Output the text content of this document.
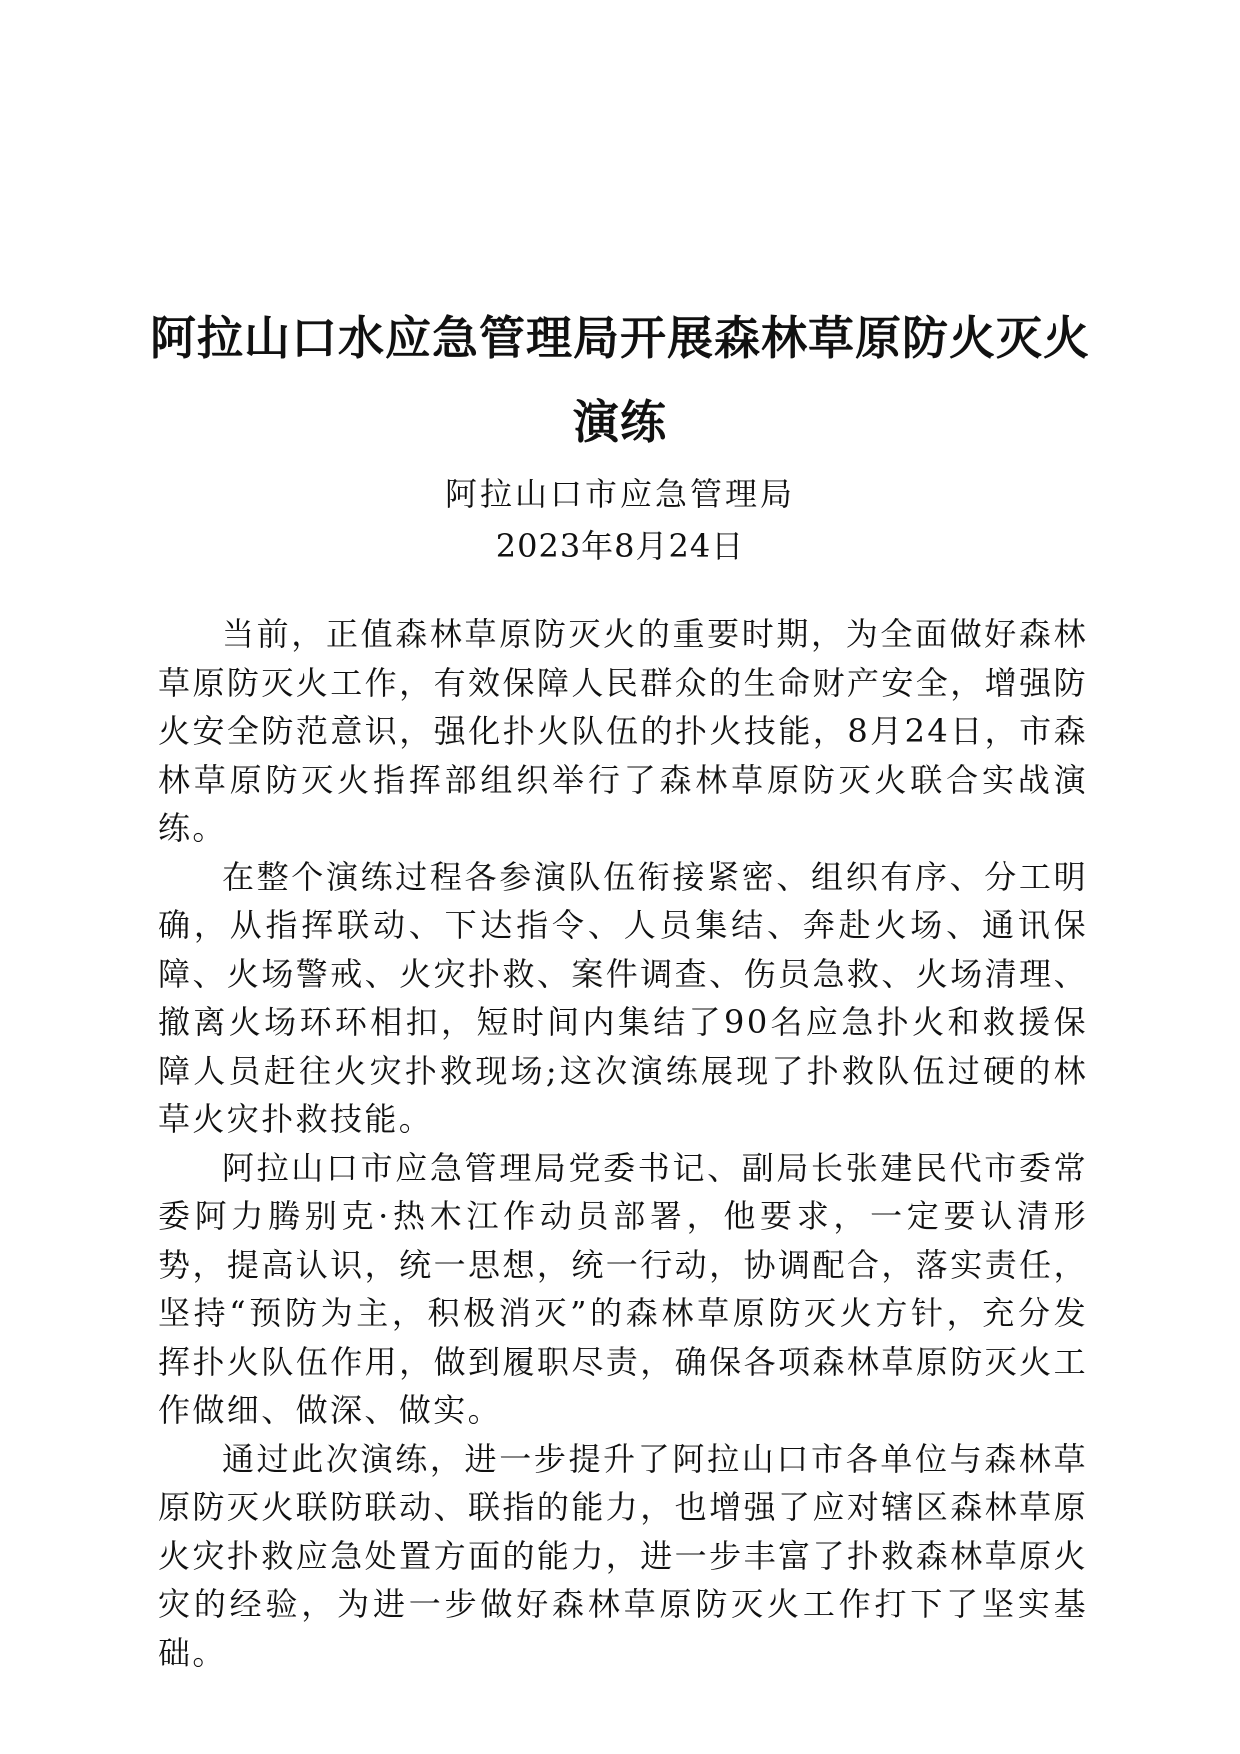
阿拉山口水应急管理局开展森林草原防火灭火
演练
阿拉山口市应急管理局
2023年8月24日

当前，正值森林草原防灭火的重要时期，为全面做好森林草原防灭火工作，有效保障人民群众的生命财产安全，增强防火安全防范意识，强化扑火队伍的扑火技能，8月24日，市森林草原防灭火指挥部组织举行了森林草原防灭火联合实战演练。

在整个演练过程各参演队伍衔接紧密、组织有序、分工明确，从指挥联动、下达指令、人员集结、奔赴火场、通讯保障、火场警戒、火灾扑救、案件调查、伤员急救、火场清理、撤离火场环环相扣，短时间内集结了90名应急扑火和救援保障人员赶往火灾扑救现场;这次演练展现了扑救队伍过硬的林草火灾扑救技能。

阿拉山口市应急管理局党委书记、副局长张建民代市委常委阿力腾别克·热木江作动员部署，他要求，一定要认清形势，提高认识，统一思想，统一行动，协调配合，落实责任，坚持“预防为主，积极消灭”的森林草原防灭火方针，充分发挥扑火队伍作用，做到履职尽责，确保各项森林草原防灭火工作做细、做深、做实。

通过此次演练，进一步提升了阿拉山口市各单位与森林草原防灭火联防联动、联指的能力，也增强了应对辖区森林草原火灾扑救应急处置方面的能力，进一步丰富了扑救森林草原火灾的经验，为进一步做好森林草原防灭火工作打下了坚实基础。
